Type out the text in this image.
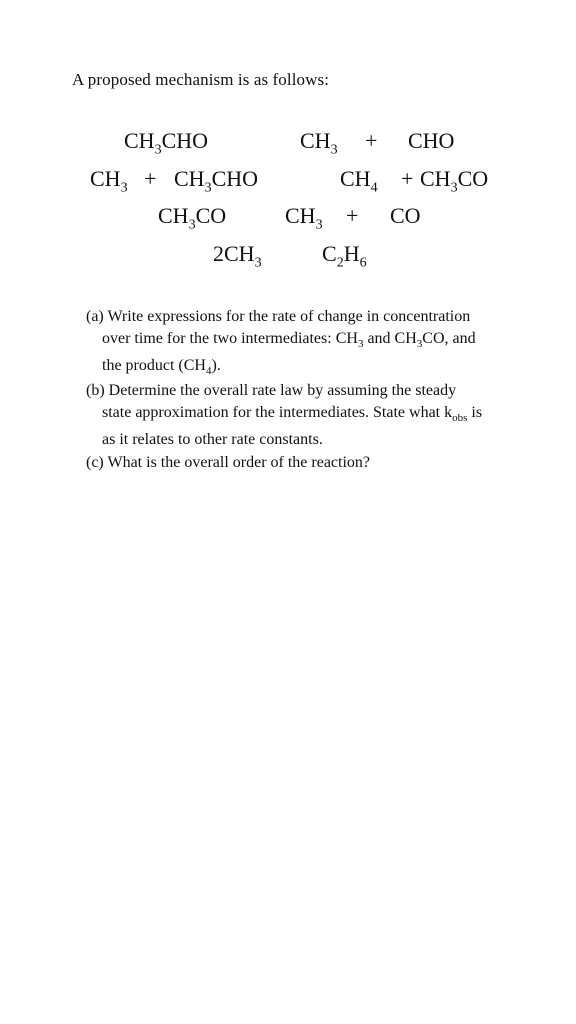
A proposed mechanism is as follows:
$CH_3CHO$	$CH_3$ + CHO
$CH_3 + CH_3CHO$	$CH_4 + CH_3CO$
$CH_3CO$	$CH_3$ + CO
$2CH_3$	$C_2H_6$
(a) Write expressions for the rate of change in concentration
over time for the two intermediates: $CH_3$ and $CH_3CO$, and
the product $(CH_4)$.
(b) Determine the overall rate law by assuming the steady
state approximation for the intermediates. State what $k_{obs}$ is
as it relates to other rate constants.
(c) What is the overall order of the reaction?
